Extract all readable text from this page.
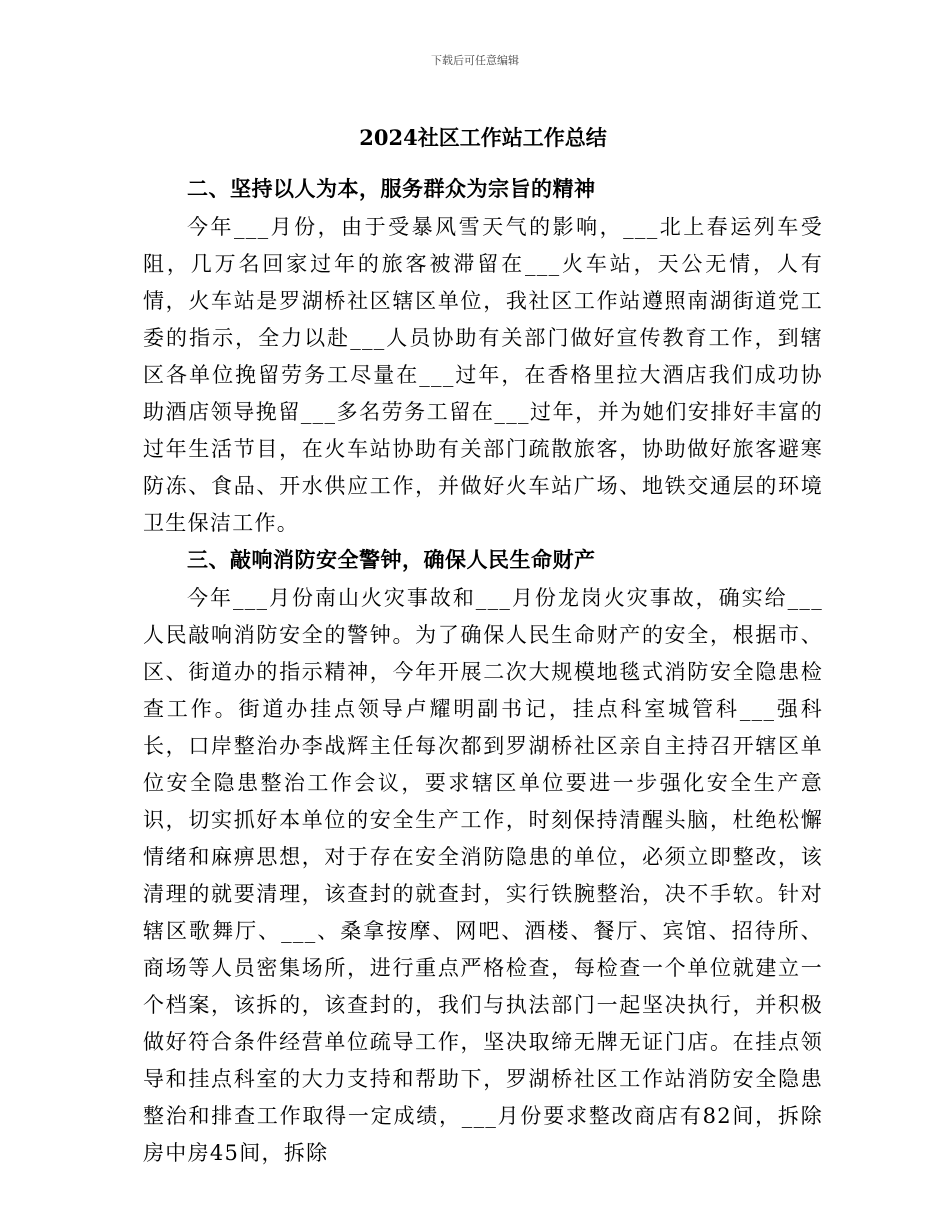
下载后可任意编辑
2024社区工作站工作总结
二、坚持以人为本，服务群众为宗旨的精神

今年___月份，由于受暴风雪天气的影响，___北上春运列车受阻，几万名回家过年的旅客被滞留在___火车站，天公无情，人有情，火车站是罗湖桥社区辖区单位，我社区工作站遵照南湖街道党工委的指示，全力以赴___人员协助有关部门做好宣传教育工作，到辖区各单位挽留劳务工尽量在___过年，在香格里拉大酒店我们成功协助酒店领导挽留___多名劳务工留在___过年，并为她们安排好丰富的过年生活节目，在火车站协助有关部门疏散旅客，协助做好旅客避寒防冻、食品、开水供应工作，并做好火车站广场、地铁交通层的环境卫生保洁工作。

三、敲响消防安全警钟，确保人民生命财产

今年___月份南山火灾事故和___月份龙岗火灾事故，确实给___人民敲响消防安全的警钟。为了确保人民生命财产的安全，根据市、区、街道办的指示精神，今年开展二次大规模地毯式消防安全隐患检查工作。街道办挂点领导卢耀明副书记，挂点科室城管科___强科长，口岸整治办李战辉主任每次都到罗湖桥社区亲自主持召开辖区单位安全隐患整治工作会议，要求辖区单位要进一步强化安全生产意识，切实抓好本单位的安全生产工作，时刻保持清醒头脑，杜绝松懈情绪和麻痹思想，对于存在安全消防隐患的单位，必须立即整改，该清理的就要清理，该查封的就查封，实行铁腕整治，决不手软。针对辖区歌舞厅、___、桑拿按摩、网吧、酒楼、餐厅、宾馆、招待所、商场等人员密集场所，进行重点严格检查，每检查一个单位就建立一个档案，该拆的，该查封的，我们与执法部门一起坚决执行，并积极做好符合条件经营单位疏导工作，坚决取缔无牌无证门店。在挂点领导和挂点科室的大力支持和帮助下，罗湖桥社区工作站消防安全隐患整治和排查工作取得一定成绩，___月份要求整改商店有82间，拆除房中房45间，拆除
